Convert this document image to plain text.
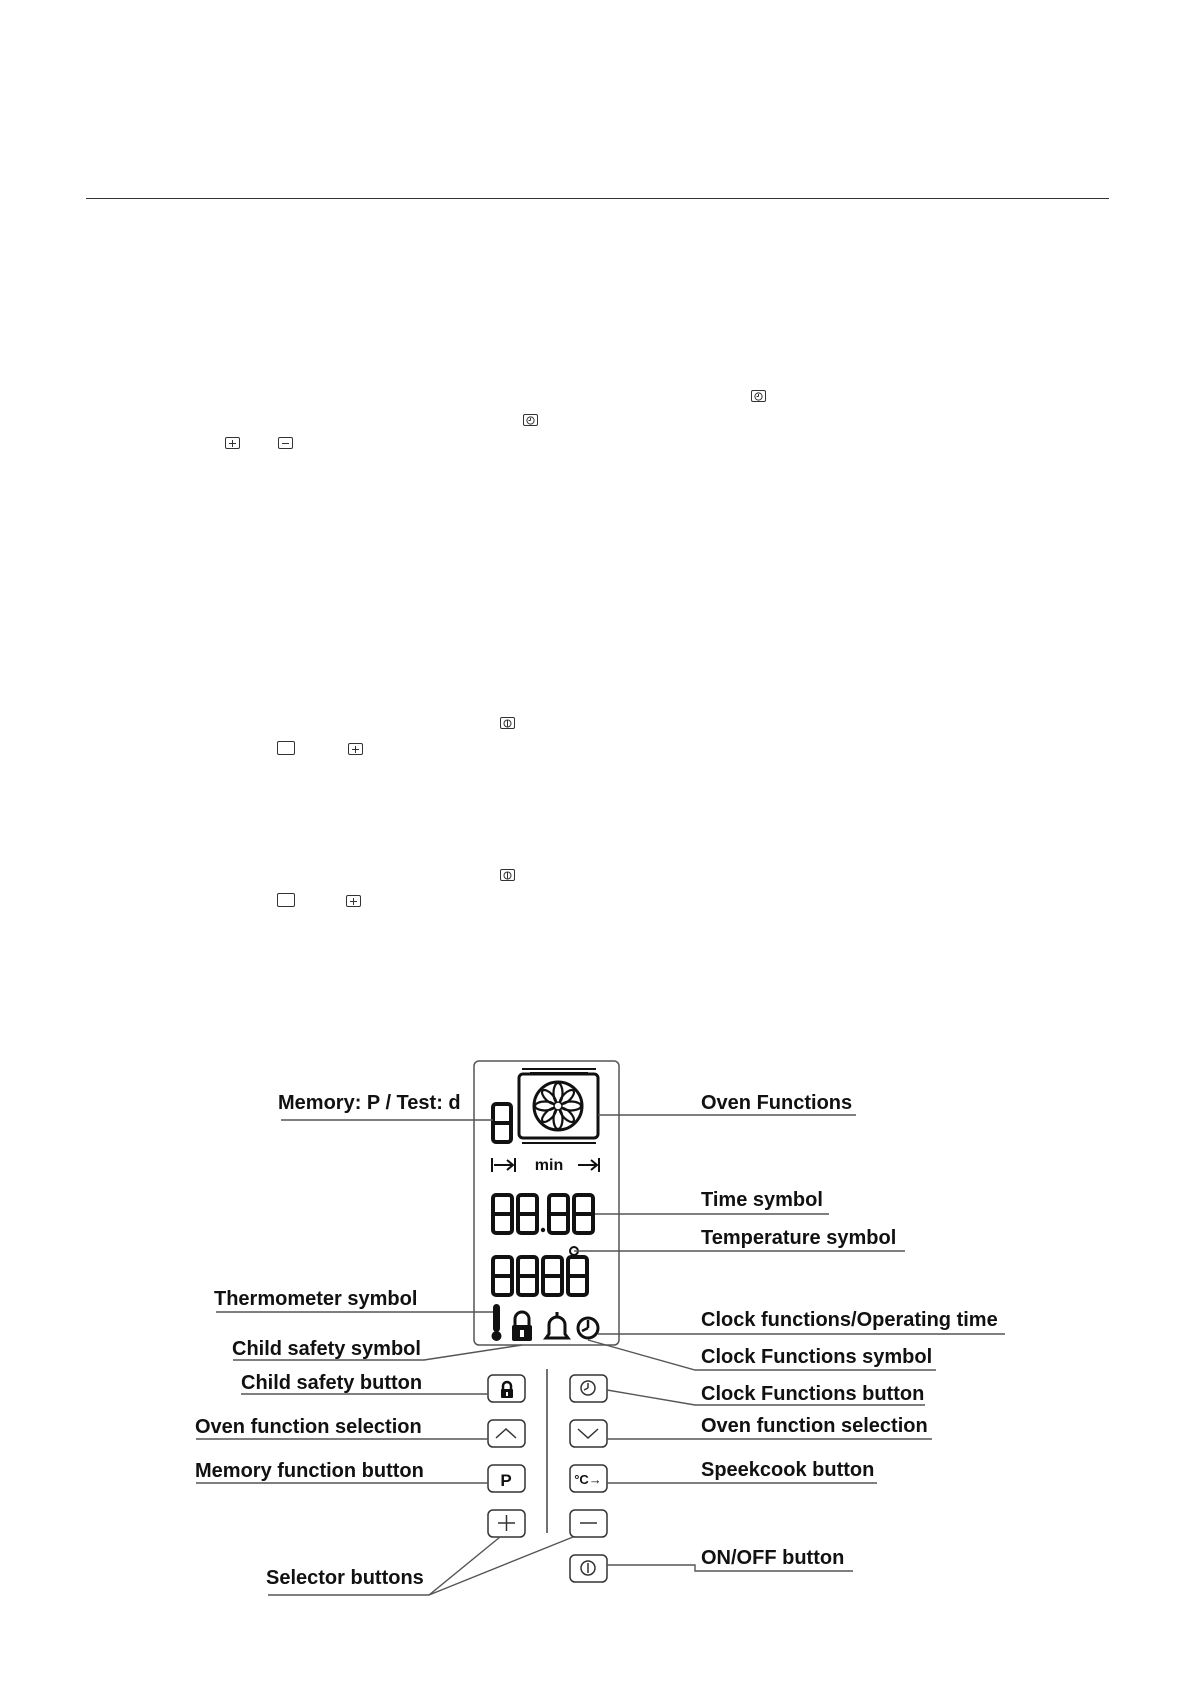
min
P	°C→
Memory: P / Test: d	Oven Functions
Time symbol
Temperature symbol
Thermometer symbol
Clock functions/Operating time
Child safety symbol	Clock Functions symbol
Child safety button	Clock Functions button
Oven function selection	Oven function selection
Memory function button	Speekcook button
Selector buttons
ON/OFF button
